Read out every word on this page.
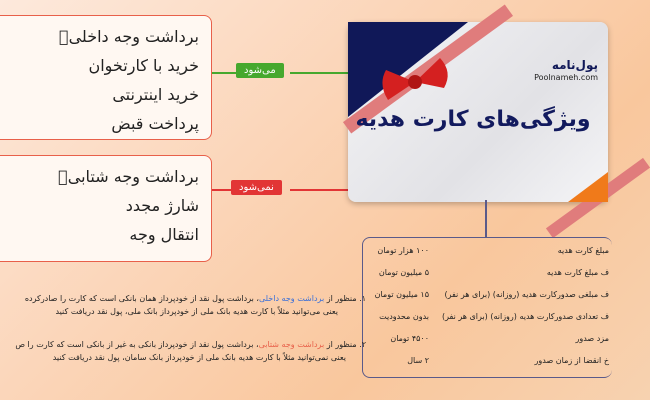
برداشت وجه داخلیۨ
خرید با کارتخوان
خرید اینترنتی
پرداخت قبض
می‌شود
برداشت وجه شتابیۨ
شارژ مجدد
انتقال وجه
نمی‌شود
پول‌نامه
Poolnameh.com
ویژگی‌های کارت هدیه
۱۰۰ هزار تومان	مبلغ کارت هدیه
۵ میلیون تومان	ف مبلغ کارت هدیه
۱۵ میلیون تومان ف مبلغی صدورکارت هدیه (روزانه) (برای هر نفر)
بدون محدودیت ف تعدادی صدورکارت هدیه (روزانه) (برای هر نفر)
۴۵۰۰ تومان	مزد صدور
۲ سال	خ انقضا از زمان صدور
۱. منظور از برداشت وجه داخلی، برداشت پول نقد از خودپرداز همان بانکی است که کارت را صادرکرده
یعنی می‌توانید مثلاً با کارت هدیه بانک ملی از خودپرداز بانک ملی، پول نقد دریافت کنید
۲. منظور از برداشت وجه شتابی، برداشت پول نقد از خودپرداز بانکی به غیر از بانکی است که کارت را ص
یعنی نمی‌توانید مثلاً با کارت هدیه بانک ملی از خودپرداز بانک سامان، پول نقد دریافت کنید
